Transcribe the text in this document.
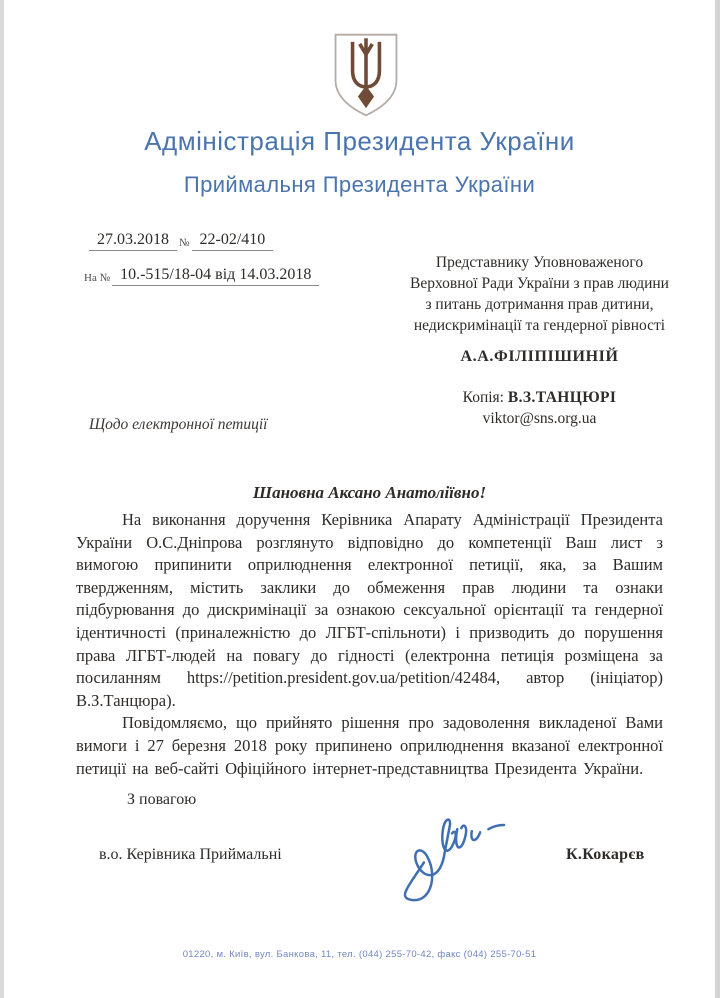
Адміністрація Президента України
Приймальня Президента України
27.03.2018 № 22-02/410
На № 10.-515/18-04 від 14.03.2018
Представнику Уповноваженого
Верховної Ради України з прав людини
з питань дотримання прав дитини,
недискримінації та гендерної рівності
А.А.ФІЛІПІШИНІЙ
Копія: В.З.ТАНЦЮРІ
viktor@sns.org.ua
Щодо електронної петиції
Шановна Аксано Анатоліївно!

На виконання доручення Керівника Апарату Адміністрації Президента України О.С.Дніпрова розглянуто відповідно до компетенції Ваш лист з вимогою припинити оприлюднення електронної петиції, яка, за Вашим твердженням, містить заклики до обмеження прав людини та ознаки підбурювання до дискримінації за ознакою сексуальної орієнтації та гендерної ідентичності (приналежністю до ЛГБТ-спільноти) і призводить до порушення права ЛГБТ-людей на повагу до гідності (електронна петиція розміщена за посиланням https://petition.president.gov.ua/petition/42484, автор (ініціатор) В.З.Танцюра).

Повідомляємо, що прийнято рішення про задоволення викладеної Вами вимоги і 27 березня 2018 року припинено оприлюднення вказаної електронної петиції на веб-сайті Офіційного інтернет-представництва Президента України.

З повагою
в.о. Керівника Приймальні	К.Кокарєв
01220, м. Київ, вул. Банкова, 11, тел. (044) 255-70-42, факс (044) 255-70-51
